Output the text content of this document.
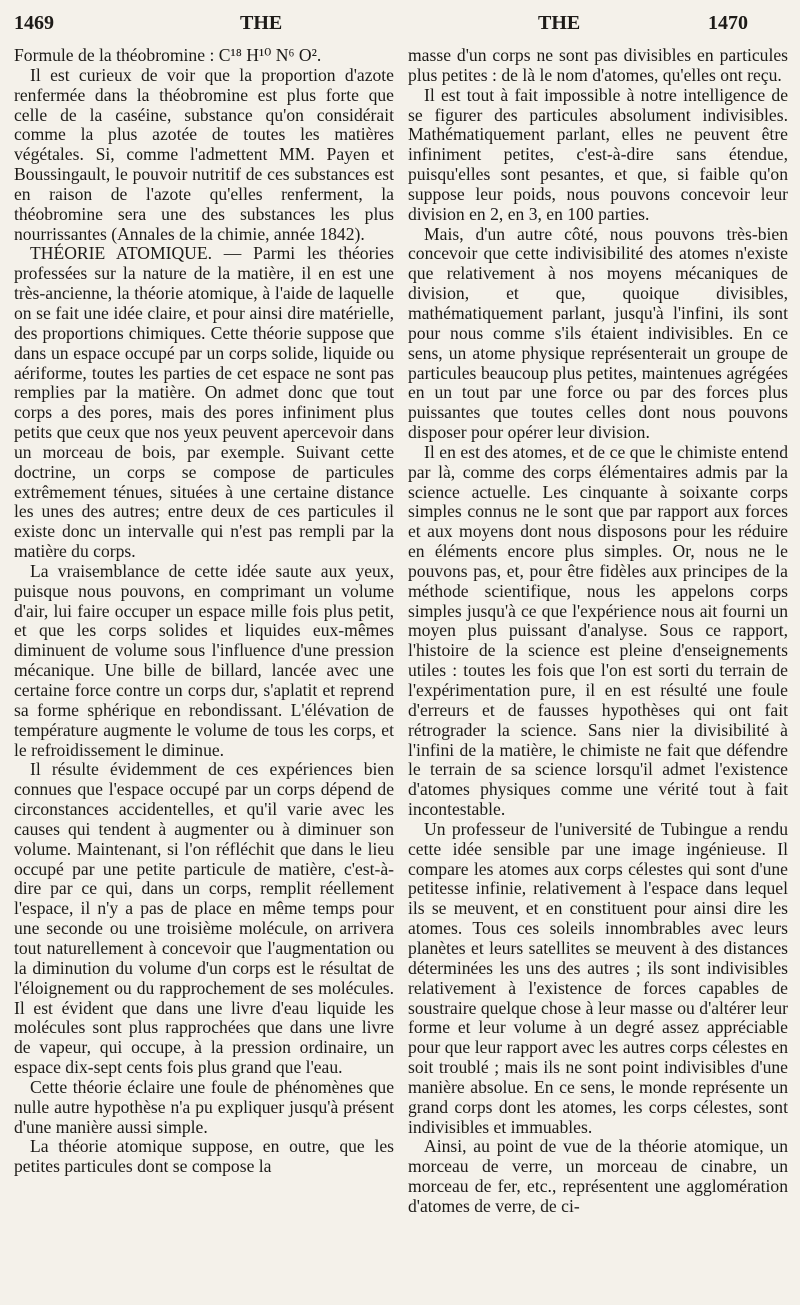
1469	THE	THE	1470

Formule de la théobromine : C¹⁸ H¹⁰ N⁶ O².

Il est curieux de voir que la proportion d'azote renfermée dans la théobromine est plus forte que celle de la caséine, substance qu'on considérait comme la plus azotée de toutes les matières végétales. Si, comme l'admettent MM. Payen et Boussingault, le pouvoir nutritif de ces substances est en raison de l'azote qu'elles renferment, la théobromine sera une des substances les plus nourrissantes (Annales de la chimie, année 1842).

THÉORIE ATOMIQUE. — Parmi les théories professées sur la nature de la matière, il en est une très-ancienne, la théorie atomique, à l'aide de laquelle on se fait une idée claire, et pour ainsi dire matérielle, des proportions chimiques. Cette théorie suppose que dans un espace occupé par un corps solide, liquide ou aériforme, toutes les parties de cet espace ne sont pas remplies par la matière. On admet donc que tout corps a des pores, mais des pores infiniment plus petits que ceux que nos yeux peuvent apercevoir dans un morceau de bois, par exemple. Suivant cette doctrine, un corps se compose de particules extrêmement ténues, situées à une certaine distance les unes des autres; entre deux de ces particules il existe donc un intervalle qui n'est pas rempli par la matière du corps.

La vraisemblance de cette idée saute aux yeux, puisque nous pouvons, en comprimant un volume d'air, lui faire occuper un espace mille fois plus petit, et que les corps solides et liquides eux-mêmes diminuent de volume sous l'influence d'une pression mécanique. Une bille de billard, lancée avec une certaine force contre un corps dur, s'aplatit et reprend sa forme sphérique en rebondissant. L'élévation de température augmente le volume de tous les corps, et le refroidissement le diminue.

Il résulte évidemment de ces expériences bien connues que l'espace occupé par un corps dépend de circonstances accidentelles, et qu'il varie avec les causes qui tendent à augmenter ou à diminuer son volume. Maintenant, si l'on réfléchit que dans le lieu occupé par une petite particule de matière, c'est-à-dire par ce qui, dans un corps, remplit réellement l'espace, il n'y a pas de place en même temps pour une seconde ou une troisième molécule, on arrivera tout naturellement à concevoir que l'augmentation ou la diminution du volume d'un corps est le résultat de l'éloignement ou du rapprochement de ses molécules. Il est évident que dans une livre d'eau liquide les molécules sont plus rapprochées que dans une livre de vapeur, qui occupe, à la pression ordinaire, un espace dix-sept cents fois plus grand que l'eau.

Cette théorie éclaire une foule de phénomènes que nulle autre hypothèse n'a pu expliquer jusqu'à présent d'une manière aussi simple.

La théorie atomique suppose, en outre, que les petites particules dont se compose la

masse d'un corps ne sont pas divisibles en particules plus petites : de là le nom d'atomes, qu'elles ont reçu.

Il est tout à fait impossible à notre intelligence de se figurer des particules absolument indivisibles. Mathématiquement parlant, elles ne peuvent être infiniment petites, c'est-à-dire sans étendue, puisqu'elles sont pesantes, et que, si faible qu'on suppose leur poids, nous pouvons concevoir leur division en 2, en 3, en 100 parties.

Mais, d'un autre côté, nous pouvons très-bien concevoir que cette indivisibilité des atomes n'existe que relativement à nos moyens mécaniques de division, et que, quoique divisibles, mathématiquement parlant, jusqu'à l'infini, ils sont pour nous comme s'ils étaient indivisibles. En ce sens, un atome physique représenterait un groupe de particules beaucoup plus petites, maintenues agrégées en un tout par une force ou par des forces plus puissantes que toutes celles dont nous pouvons disposer pour opérer leur division.

Il en est des atomes, et de ce que le chimiste entend par là, comme des corps élémentaires admis par la science actuelle. Les cinquante à soixante corps simples connus ne le sont que par rapport aux forces et aux moyens dont nous disposons pour les réduire en éléments encore plus simples. Or, nous ne le pouvons pas, et, pour être fidèles aux principes de la méthode scientifique, nous les appelons corps simples jusqu'à ce que l'expérience nous ait fourni un moyen plus puissant d'analyse. Sous ce rapport, l'histoire de la science est pleine d'enseignements utiles : toutes les fois que l'on est sorti du terrain de l'expérimentation pure, il en est résulté une foule d'erreurs et de fausses hypothèses qui ont fait rétrograder la science. Sans nier la divisibilité à l'infini de la matière, le chimiste ne fait que défendre le terrain de sa science lorsqu'il admet l'existence d'atomes physiques comme une vérité tout à fait incontestable.

Un professeur de l'université de Tubingue a rendu cette idée sensible par une image ingénieuse. Il compare les atomes aux corps célestes qui sont d'une petitesse infinie, relativement à l'espace dans lequel ils se meuvent, et en constituent pour ainsi dire les atomes. Tous ces soleils innombrables avec leurs planètes et leurs satellites se meuvent à des distances déterminées les uns des autres ; ils sont indivisibles relativement à l'existence de forces capables de soustraire quelque chose à leur masse ou d'altérer leur forme et leur volume à un degré assez appréciable pour que leur rapport avec les autres corps célestes en soit troublé ; mais ils ne sont point indivisibles d'une manière absolue. En ce sens, le monde représente un grand corps dont les atomes, les corps célestes, sont indivisibles et immuables.

Ainsi, au point de vue de la théorie atomique, un morceau de verre, un morceau de cinabre, un morceau de fer, etc., représentent une agglomération d'atomes de verre, de ci-
